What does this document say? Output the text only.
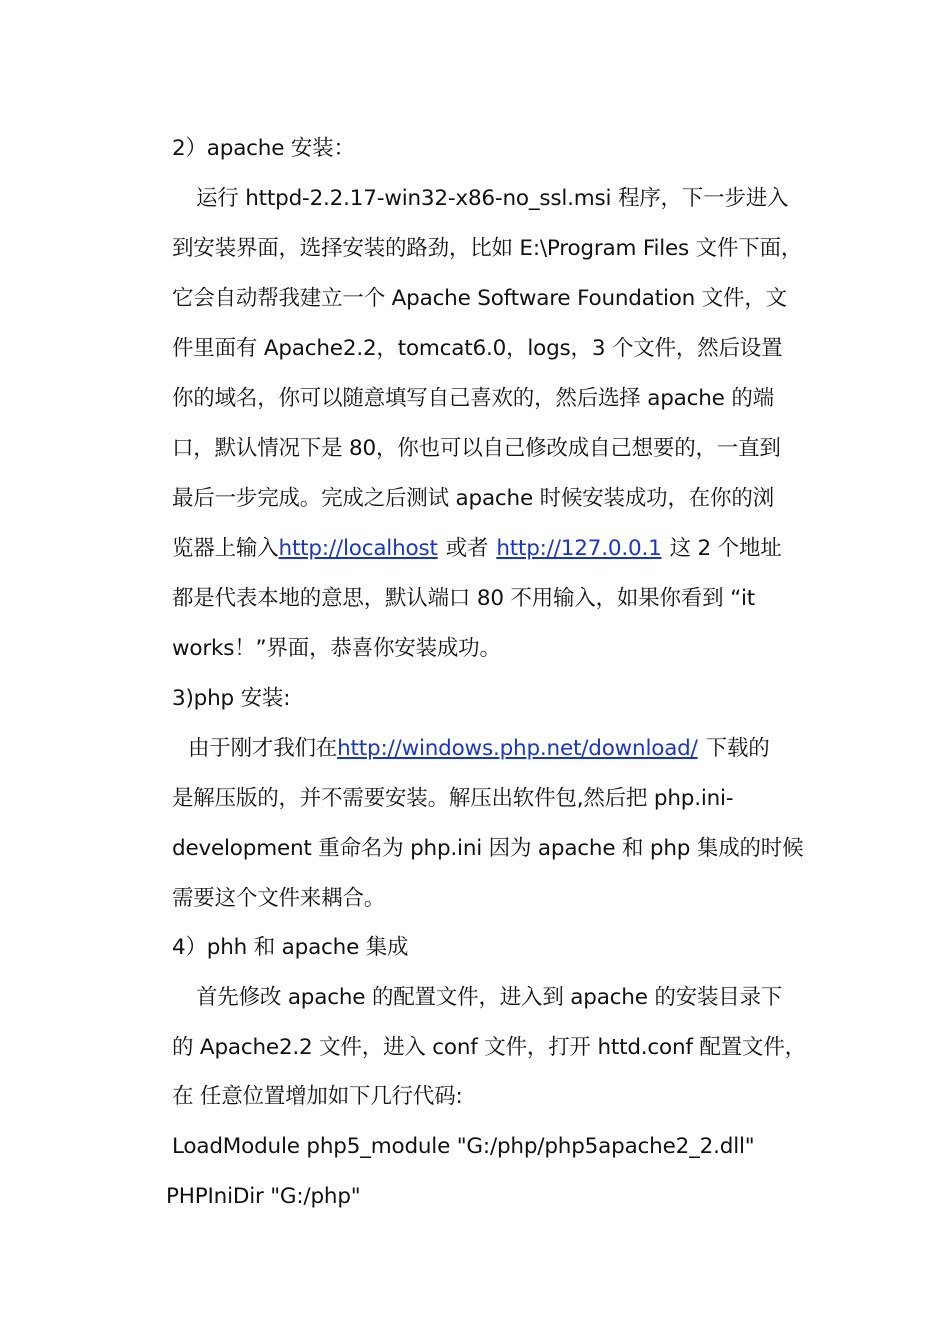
2）apache 安装：
运行 httpd-2.2.17-win32-x86-no_ssl.msi 程序，下一步进入
到安装界面，选择安装的路劲，比如 E:\Program Files 文件下面，
它会自动帮我建立一个 Apache Software Foundation 文件，文
件里面有 Apache2.2，tomcat6.0，logs，3 个文件，然后设置
你的域名，你可以随意填写自己喜欢的，然后选择 apache 的端
口，默认情况下是 80，你也可以自己修改成自己想要的，一直到
最后一步完成。完成之后测试 apache 时候安装成功，在你的浏
览器上输入http://localhost 或者 http://127.0.0.1 这 2 个地址
都是代表本地的意思，默认端口 80 不用输入，如果你看到 “it
works！”界面，恭喜你安装成功。
3)php 安装:
由于刚才我们在http://windows.php.net/download/ 下载的
是解压版的，并不需要安装。解压出软件包,然后把 php.ini-
development 重命名为 php.ini 因为 apache 和 php 集成的时候
需要这个文件来耦合。
4）phh 和 apache 集成
首先修改 apache 的配置文件，进入到 apache 的安装目录下
的 Apache2.2 文件，进入 conf 文件，打开 httd.conf 配置文件，
在 任意位置增加如下几行代码:
LoadModule php5_module "G:/php/php5apache2_2.dll"
PHPIniDir "G:/php"
